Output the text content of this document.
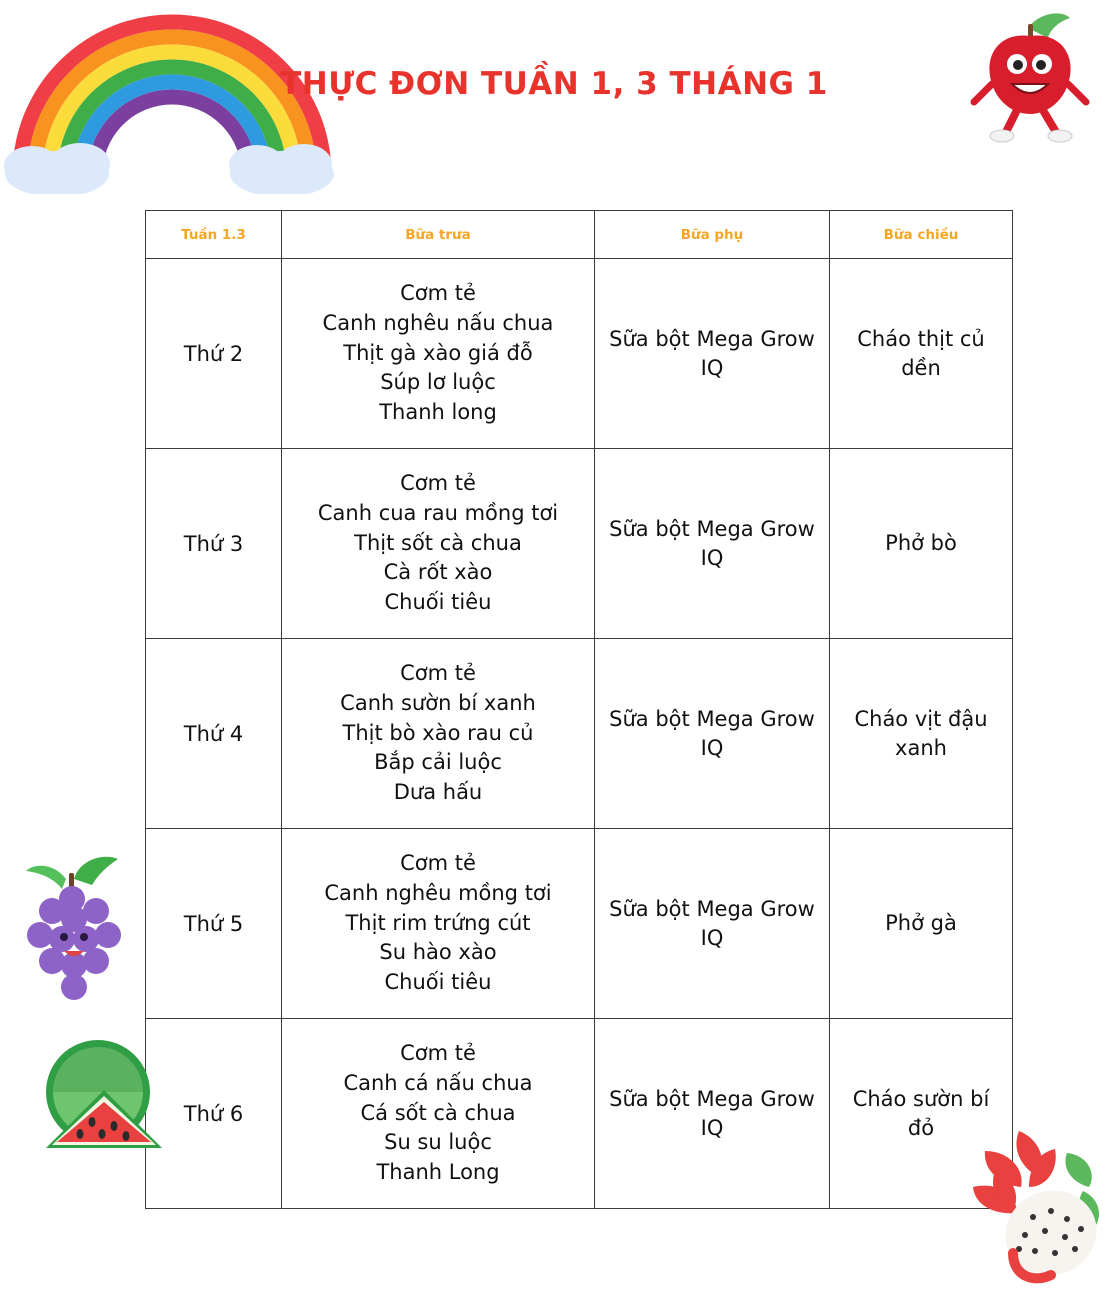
THỰC ĐƠN TUẦN 1, 3 THÁNG 1
Tuần 1.3	Bữa trưa	Bữa phụ	Bữa chiều
Thứ 2	Cơm tẻ
Canh nghêu nấu chua
Thịt gà xào giá đỗ
Súp lơ luộc
Thanh long	Sữa bột Mega Grow IQ	Cháo thịt củ dền
Thứ 3	Cơm tẻ
Canh cua rau mồng tơi
Thịt sốt cà chua
Cà rốt xào
Chuối tiêu	Sữa bột Mega Grow IQ	Phở bò
Thứ 4	Cơm tẻ
Canh sườn bí xanh
Thịt bò xào rau củ
Bắp cải luộc
Dưa hấu	Sữa bột Mega Grow IQ	Cháo vịt đậu xanh
Thứ 5	Cơm tẻ
Canh nghêu mồng tơi
Thịt rim trứng cút
Su hào xào
Chuối tiêu	Sữa bột Mega Grow IQ	Phở gà
Thứ 6	Cơm tẻ
Canh cá nấu chua
Cá sốt cà chua
Su su luộc
Thanh Long	Sữa bột Mega Grow IQ	Cháo sườn bí đỏ
